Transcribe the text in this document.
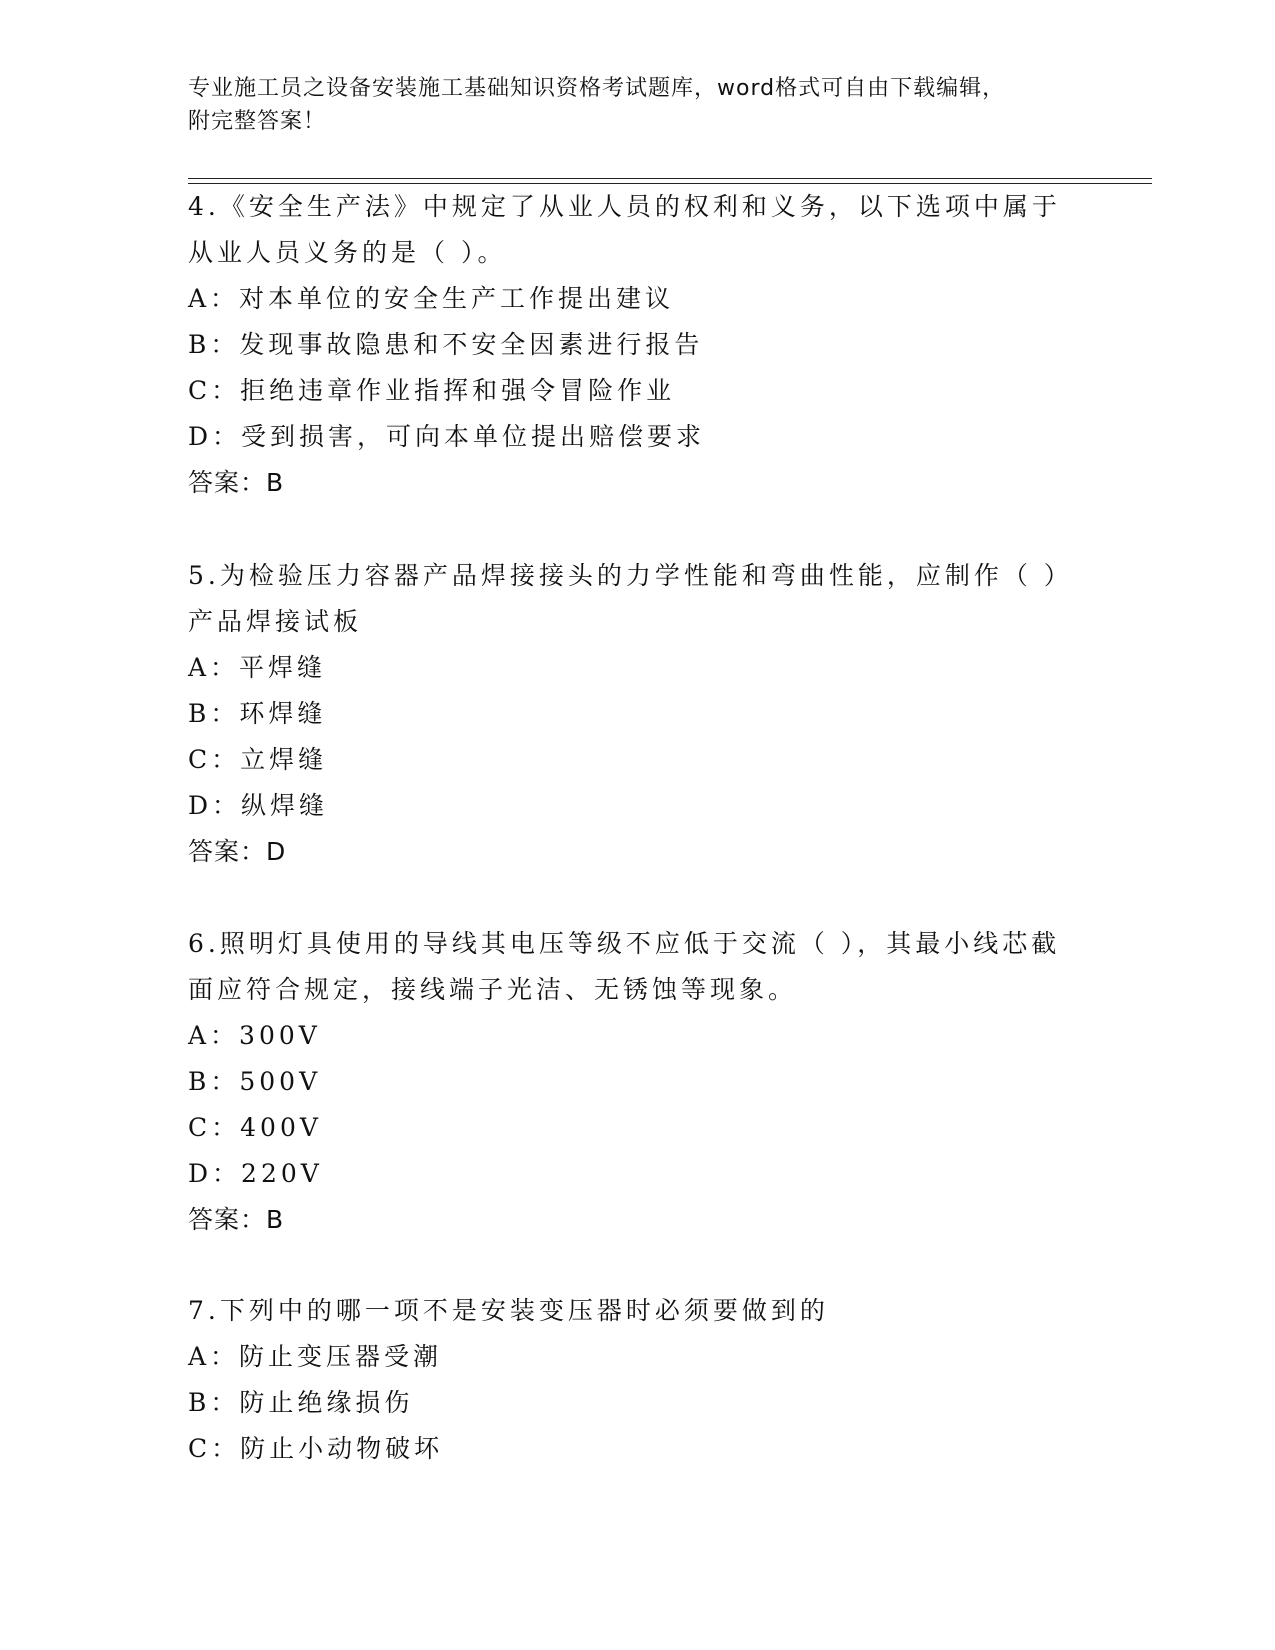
专业施工员之设备安装施工基础知识资格考试题库，word格式可自由下载编辑，
附完整答案！
4.《安全生产法》中规定了从业人员的权利和义务，以下选项中属于
从业人员义务的是（ ）。
A：对本单位的安全生产工作提出建议
B：发现事故隐患和不安全因素进行报告
C：拒绝违章作业指挥和强令冒险作业
D：受到损害，可向本单位提出赔偿要求
答案：B
5.为检验压力容器产品焊接接头的力学性能和弯曲性能，应制作（ ）
产品焊接试板
A：平焊缝
B：环焊缝
C：立焊缝
D：纵焊缝
答案：D
6.照明灯具使用的导线其电压等级不应低于交流（ ），其最小线芯截
面应符合规定，接线端子光洁、无锈蚀等现象。
A：300V
B：500V
C：400V
D：220V
答案：B
7.下列中的哪一项不是安装变压器时必须要做到的
A：防止变压器受潮
B：防止绝缘损伤
C：防止小动物破坏
